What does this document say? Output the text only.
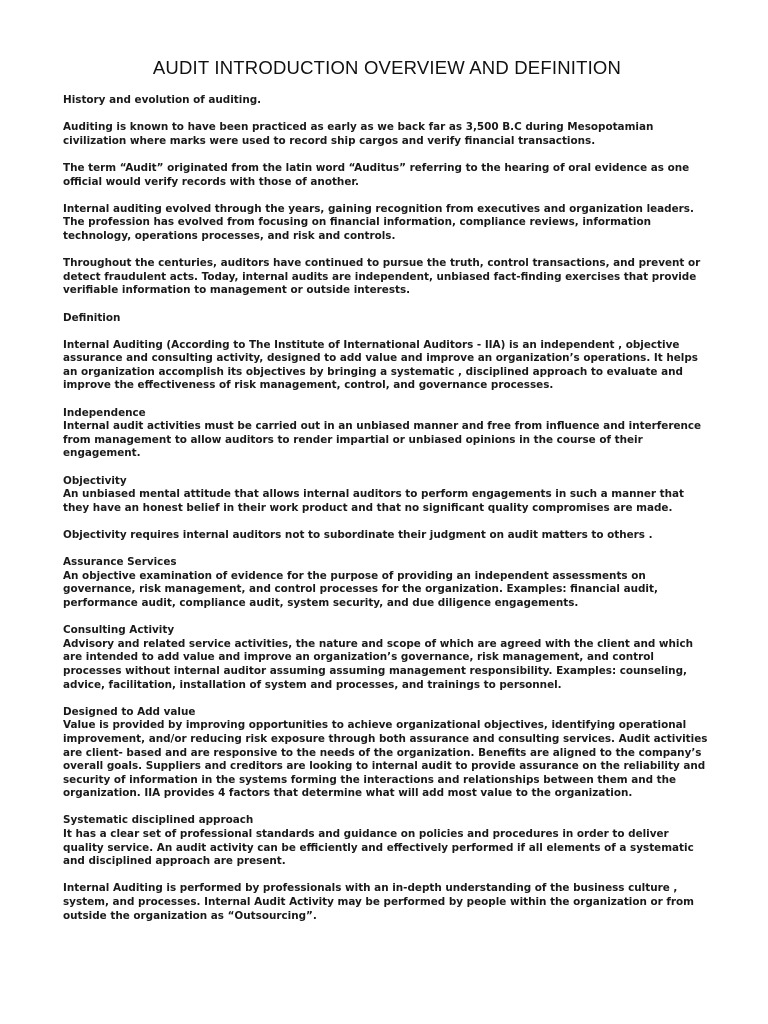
AUDIT INTRODUCTION OVERVIEW AND DEFINITION
History and evolution of auditing.

Auditing is known to have been practiced as early as we back far as 3,500 B.C during Mesopotamian civilization where marks were used to record ship cargos and verify financial transactions.

The term “Audit” originated from the latin word “Auditus” referring to the hearing of oral evidence as one official would verify records with those of another.

Internal auditing evolved through the years, gaining recognition from executives and organization leaders. The profession has evolved from focusing on financial information, compliance reviews, information technology, operations processes, and risk and controls.

Throughout the centuries, auditors have continued to pursue the truth, control transactions, and prevent or detect fraudulent acts. Today, internal audits are independent, unbiased fact-finding exercises that provide verifiable information to management or outside interests.

Definition

Internal Auditing (According to The Institute of International Auditors - IIA) is an independent , objective assurance and consulting activity, designed to add value and improve an organization’s operations. It helps an organization accomplish its objectives by bringing a systematic , disciplined approach to evaluate and improve the effectiveness of risk management, control, and governance processes.

Independence

Internal audit activities must be carried out in an unbiased manner and free from influence and interference from management to allow auditors to render impartial or unbiased opinions in the course of their engagement.

Objectivity

An unbiased mental attitude that allows internal auditors to perform engagements in such a manner that they have an honest belief in their work product and that no significant quality compromises are made.

Objectivity requires internal auditors not to subordinate their judgment on audit matters to others .

Assurance Services

An objective examination of evidence for the purpose of providing an independent assessments on governance, risk management, and control processes for the organization. Examples: financial audit, performance audit, compliance audit, system security, and due diligence engagements.

Consulting Activity

Advisory and related service activities, the nature and scope of which are agreed with the client and which are intended to add value and improve an organization’s governance, risk management, and control processes without internal auditor assuming assuming management responsibility. Examples: counseling, advice, facilitation, installation of system and processes, and trainings to personnel.

Designed to Add value

Value is provided by improving opportunities to achieve organizational objectives, identifying operational improvement, and/or reducing risk exposure through both assurance and consulting services. Audit activities are client- based and are responsive to the needs of the organization. Benefits are aligned to the company’s overall goals. Suppliers and creditors are looking to internal audit to provide assurance on the reliability and security of information in the systems forming the interactions and relationships between them and the organization. IIA provides 4 factors that determine what will add most value to the organization.

Systematic disciplined approach

It has a clear set of professional standards and guidance on policies and procedures in order to deliver quality service. An audit activity can be efficiently and effectively performed if all elements of a systematic and disciplined approach are present.

Internal Auditing is performed by professionals with an in-depth understanding of the business culture , system, and processes. Internal Audit Activity may be performed by people within the organization or from outside the organization as “Outsourcing”.
